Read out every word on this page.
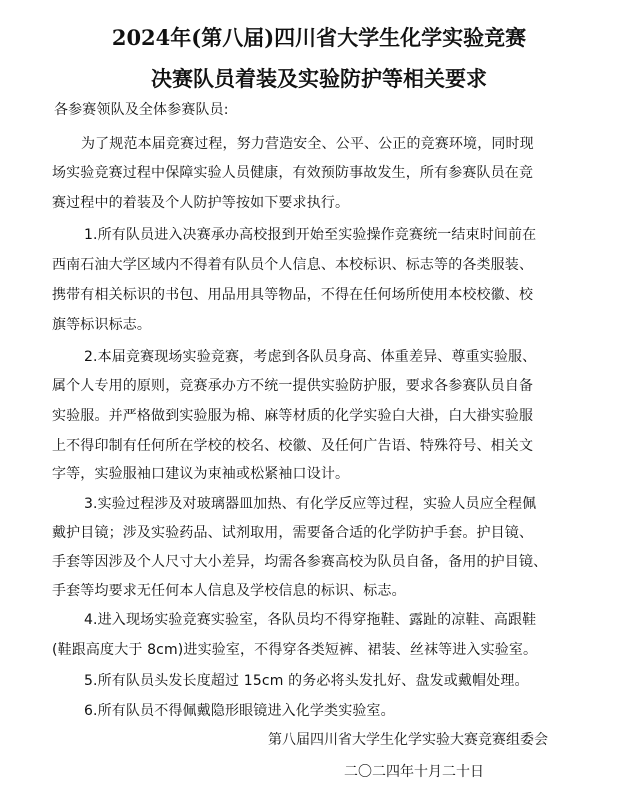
2024年(第八届)四川省大学生化学实验竞赛
决赛队员着装及实验防护等相关要求
各参赛领队及全体参赛队员:
为了规范本届竞赛过程，努力营造安全、公平、公正的竞赛环境，同时现
场实验竞赛过程中保障实验人员健康，有效预防事故发生，所有参赛队员在竞
赛过程中的着装及个人防护等按如下要求执行。
1.所有队员进入决赛承办高校报到开始至实验操作竞赛统一结束时间前在
西南石油大学区域内不得着有队员个人信息、本校标识、标志等的各类服装、
携带有相关标识的书包、用品用具等物品，不得在任何场所使用本校校徽、校
旗等标识标志。
2.本届竞赛现场实验竞赛，考虑到各队员身高、体重差异、尊重实验服、
属个人专用的原则，竞赛承办方不统一提供实验防护服，要求各参赛队员自备
实验服。并严格做到实验服为棉、麻等材质的化学实验白大褂，白大褂实验服
上不得印制有任何所在学校的校名、校徽、及任何广告语、特殊符号、相关文
字等，实验服袖口建议为束袖或松紧袖口设计。
3.实验过程涉及对玻璃器皿加热、有化学反应等过程，实验人员应全程佩
戴护目镜；涉及实验药品、试剂取用，需要备合适的化学防护手套。护目镜、
手套等因涉及个人尺寸大小差异，均需各参赛高校为队员自备，备用的护目镜、
手套等均要求无任何本人信息及学校信息的标识、标志。
4.进入现场实验竞赛实验室，各队员均不得穿拖鞋、露趾的凉鞋、高跟鞋
(鞋跟高度大于 8cm)进实验室，不得穿各类短裤、裙装、丝袜等进入实验室。
5.所有队员头发长度超过 15cm 的务必将头发扎好、盘发或戴帽处理。
6.所有队员不得佩戴隐形眼镜进入化学类实验室。
第八届四川省大学生化学实验大赛竞赛组委会
二〇二四年十月二十日
